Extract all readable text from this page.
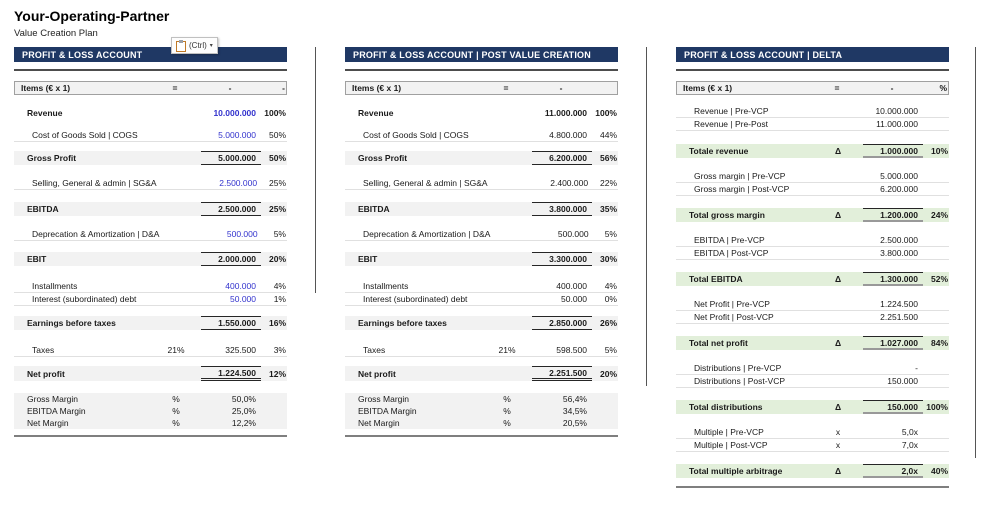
Your-Operating-Partner
Value Creation Plan
(Ctrl) ▾
PROFIT & LOSS ACCOUNT
Items (€ x 1)	=	-	-
Revenue	10.000.000 100%
Cost of Goods Sold | COGS	5.000.000	50%
Gross Profit	5.000.000	50%
Selling, General & admin | SG&A	2.500.000	25%
EBITDA	2.500.000	25%
Deprecation & Amortization | D&A	500.000	5%
EBIT	2.000.000	20%
Installments	400.000	4%
Interest (subordinated) debt	50.000	1%
Earnings before taxes	1.550.000	16%
Taxes	21%	325.500	3%
Net profit	1.224.500	12%
Gross Margin	%	50,0%
EBITDA Margin	%	25,0%
Net Margin	%	12,2%
PROFIT & LOSS ACCOUNT | POST VALUE CREATION
Items (€ x 1)	=	-
Revenue	11.000.000 100%
Cost of Goods Sold | COGS	4.800.000	44%
Gross Profit	6.200.000	56%
Selling, General & admin | SG&A	2.400.000	22%
EBITDA	3.800.000	35%
Deprecation & Amortization | D&A	500.000	5%
EBIT	3.300.000	30%
Installments	400.000	4%
Interest (subordinated) debt	50.000	0%
Earnings before taxes	2.850.000	26%
Taxes	21%	598.500	5%
Net profit	2.251.500	20%
Gross Margin	%	56,4%
EBITDA Margin	%	34,5%
Net Margin	%	20,5%
PROFIT & LOSS ACCOUNT | DELTA
Items (€ x 1)	=	-	%
Revenue | Pre-VCP	10.000.000
Revenue | Pre-Post	11.000.000
Totale revenue	Δ	1.000.000	10%
Gross margin | Pre-VCP	5.000.000
Gross margin | Post-VCP	6.200.000
Total gross margin	Δ	1.200.000	24%
EBITDA | Pre-VCP	2.500.000
EBITDA | Post-VCP	3.800.000
Total EBITDA	Δ	1.300.000	52%
Net Profit | Pre-VCP	1.224.500
Net Profit | Post-VCP	2.251.500
Total net profit	Δ	1.027.000	84%
Distributions | Pre-VCP	-
Distributions | Post-VCP	150.000
Total distributions	Δ	150.000 100%
Multiple | Pre-VCP	x	5,0x
Multiple | Post-VCP	x	7,0x
Total multiple arbitrage	Δ	2,0x	40%
